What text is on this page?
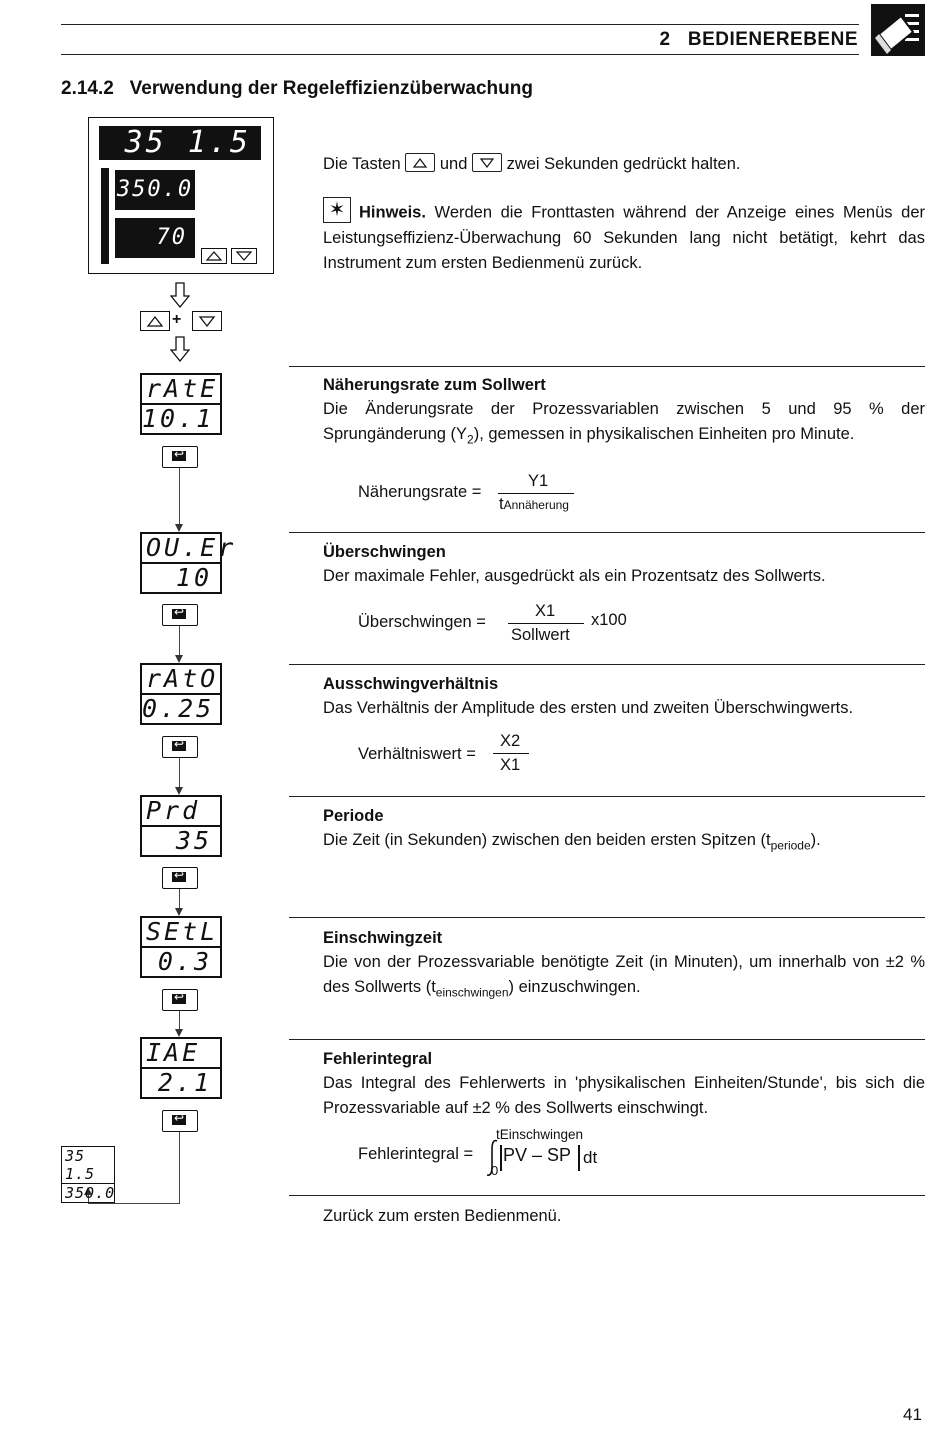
2   BEDIENEREBENE
2.14.2   Verwendung der Regeleffizienzüberwachung
35 1.5
350.0
70
+
rAtE
10.1
↩
OU.Er
10
↩
rAtO
0.25
↩
Prd
35
↩
SEtL
0.3
↩
IAE
2.1
↩
35 1.5
350.0
Die Tasten und zwei Sekunden gedrückt halten.
✶ Hinweis. Werden die Fronttasten während der Anzeige eines Menüs der Leistungseffizienz-Überwachung 60 Sekunden lang nicht betätigt, kehrt das Instrument zum ersten Bedienmenü zurück.
Näherungsrate zum Sollwert
Die Änderungsrate der Prozessvariablen zwischen 5 und 95 % der Sprungänderung $(Y_2)$, gemessen in physikalischen Einheiten pro Minute.
Näherungsrate =
Y1
tAnnäherung
Überschwingen
Der maximale Fehler, ausgedrückt als ein Prozentsatz des Sollwerts.
Überschwingen =
X1
Sollwert
x100
Ausschwingverhältnis
Das Verhältnis der Amplitude des ersten und zweiten Überschwingwerts.
Verhältniswert =
X2
X1
Periode
Die Zeit (in Sekunden) zwischen den beiden ersten Spitzen $(t_{periode})$.
Einschwingzeit
Die von der Prozessvariable benötigte Zeit (in Minuten), um innerhalb von ±2 % des Sollwerts $(t_{einschwingen})$ einzuschwingen.
Fehlerintegral
Das Integral des Fehlerwerts in 'physikalischen Einheiten/Stunde', bis sich die Prozessvariable auf ±2 % des Sollwerts einschwingt.
Fehlerintegral =
tEinschwingen
0
PV – SP dt
Zurück zum ersten Bedienmenü.
41
